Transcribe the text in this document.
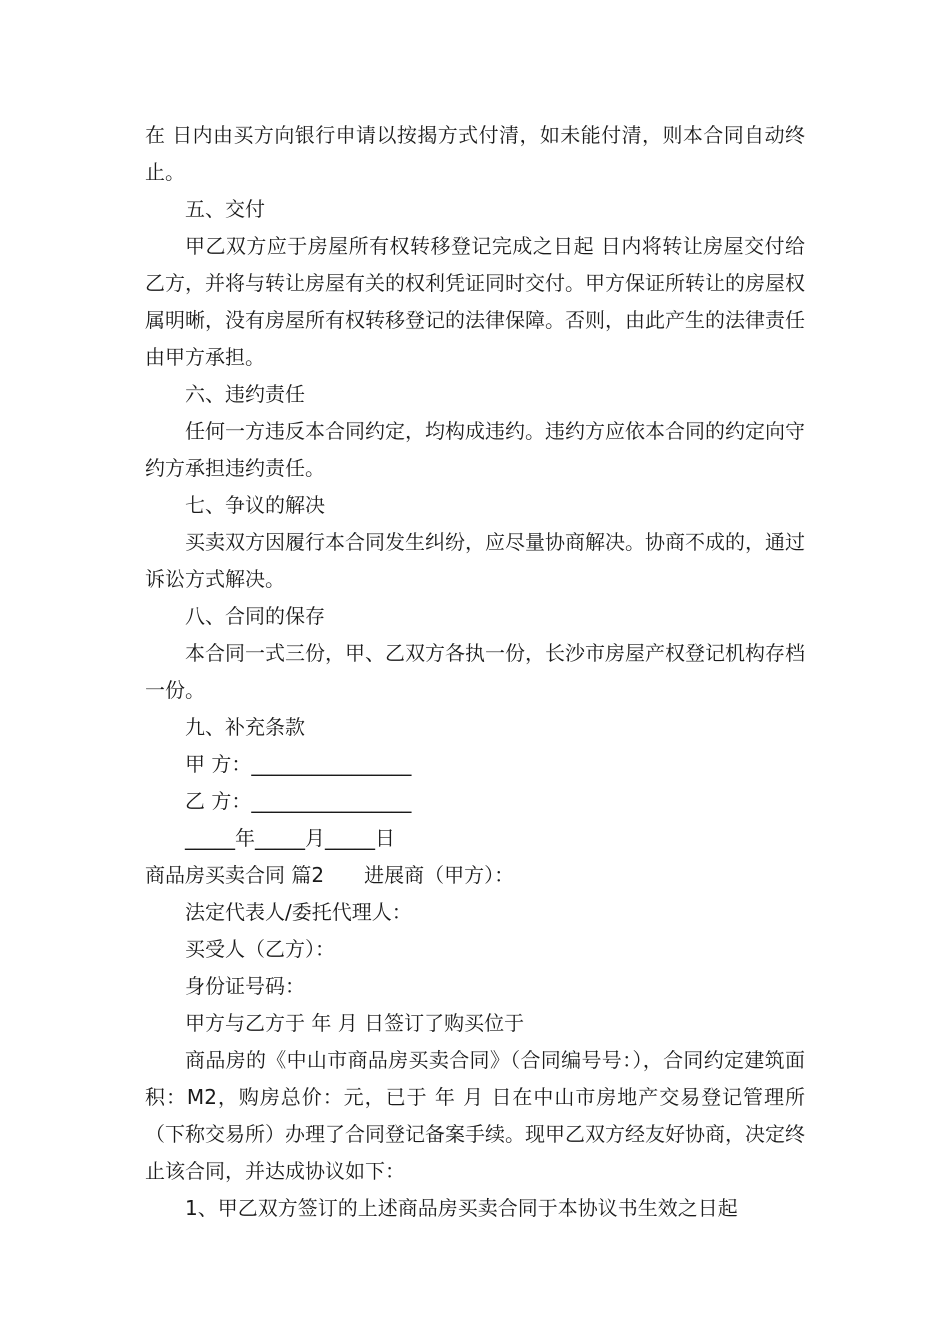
在 日内由买方向银行申请以按揭方式付清，如未能付清，则本合同自动终止。

五、交付

甲乙双方应于房屋所有权转移登记完成之日起 日内将转让房屋交付给乙方，并将与转让房屋有关的权利凭证同时交付。甲方保证所转让的房屋权属明晰，没有房屋所有权转移登记的法律保障。否则，由此产生的法律责任由甲方承担。

六、违约责任

任何一方违反本合同约定，均构成违约。违约方应依本合同的约定向守约方承担违约责任。

七、争议的解决

买卖双方因履行本合同发生纠纷，应尽量协商解决。协商不成的，通过诉讼方式解决。

八、合同的保存

本合同一式三份，甲、乙双方各执一份，长沙市房屋产权登记机构存档一份。

九、补充条款

甲 方：________________

乙 方：________________

_____年_____月_____日

商品房买卖合同 篇2 进展商（甲方）：

法定代表人/委托代理人：

买受人（乙方）：

身份证号码：

甲方与乙方于 年 月 日签订了购买位于

商品房的《中山市商品房买卖合同》（合同编号号：），合同约定建筑面积：M2，购房总价：元，已于 年 月 日在中山市房地产交易登记管理所（下称交易所）办理了合同登记备案手续。现甲乙双方经友好协商，决定终止该合同，并达成协议如下：

1、甲乙双方签订的上述商品房买卖合同于本协议书生效之日起
